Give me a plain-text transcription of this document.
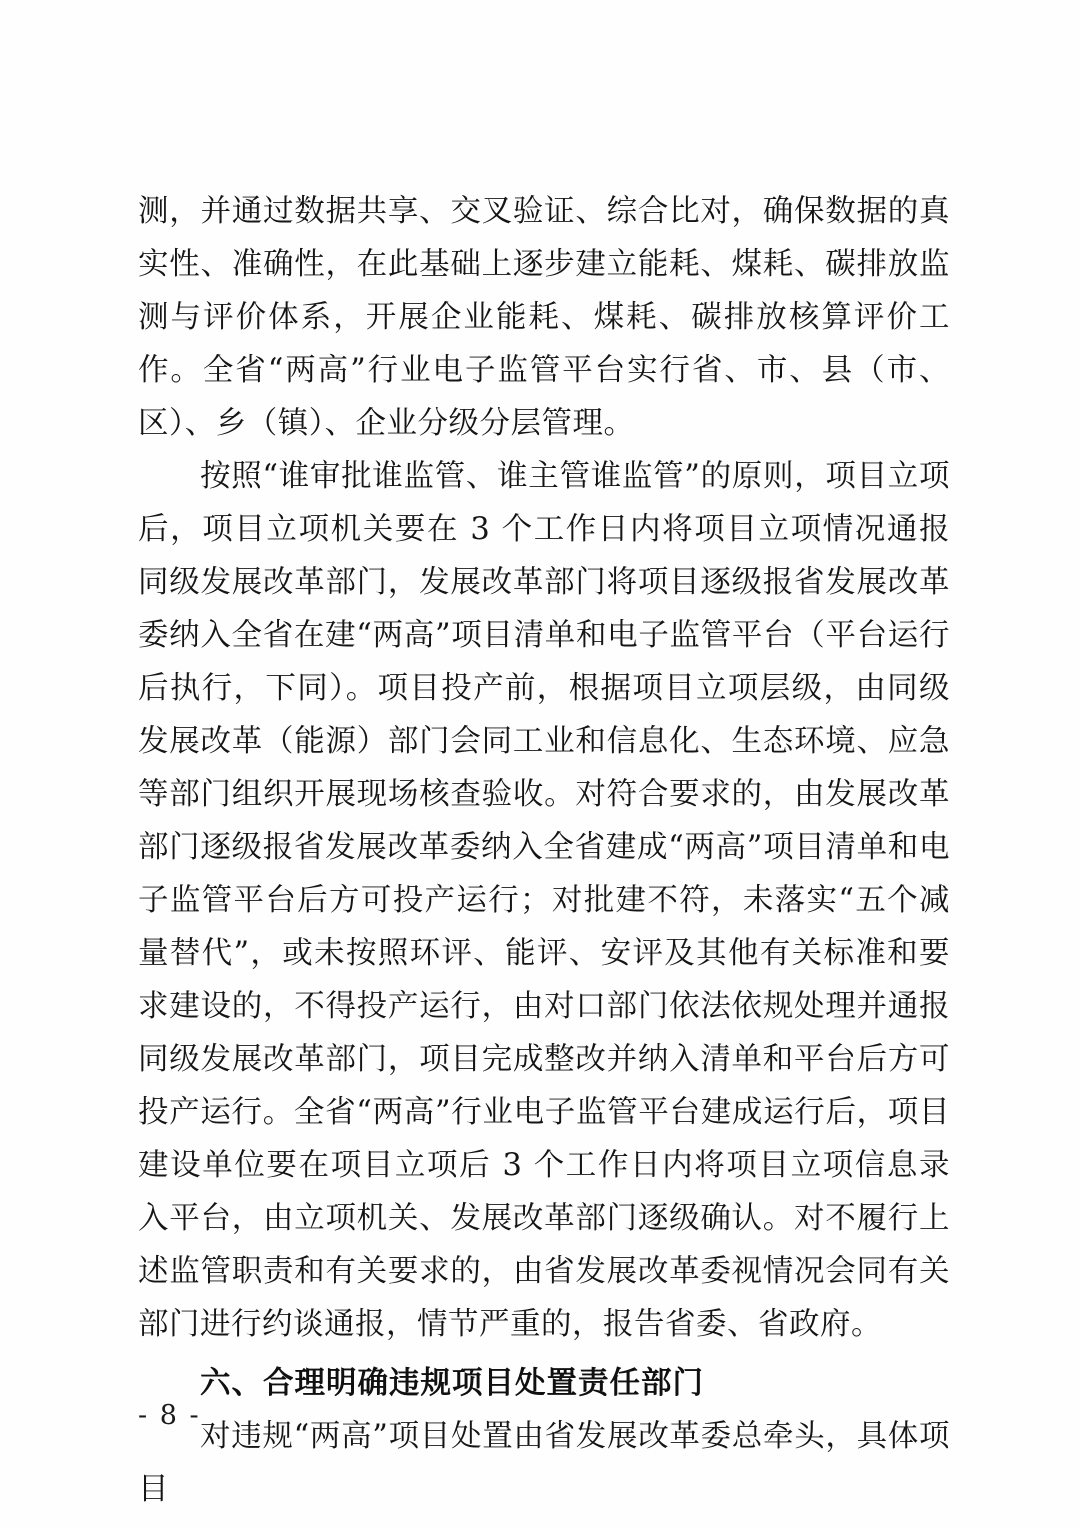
测，并通过数据共享、交叉验证、综合比对，确保数据的真实性、准确性，在此基础上逐步建立能耗、煤耗、碳排放监测与评价体系，开展企业能耗、煤耗、碳排放核算评价工作。全省“两高”行业电子监管平台实行省、市、县（市、区）、乡（镇）、企业分级分层管理。

按照“谁审批谁监管、谁主管谁监管”的原则，项目立项后，项目立项机关要在 3 个工作日内将项目立项情况通报同级发展改革部门，发展改革部门将项目逐级报省发展改革委纳入全省在建“两高”项目清单和电子监管平台（平台运行后执行，下同）。项目投产前，根据项目立项层级，由同级发展改革（能源）部门会同工业和信息化、生态环境、应急等部门组织开展现场核查验收。对符合要求的，由发展改革部门逐级报省发展改革委纳入全省建成“两高”项目清单和电子监管平台后方可投产运行；对批建不符，未落实“五个减量替代”，或未按照环评、能评、安评及其他有关标准和要求建设的，不得投产运行，由对口部门依法依规处理并通报同级发展改革部门，项目完成整改并纳入清单和平台后方可投产运行。全省“两高”行业电子监管平台建成运行后，项目建设单位要在项目立项后 3 个工作日内将项目立项信息录入平台，由立项机关、发展改革部门逐级确认。对不履行上述监管职责和有关要求的，由省发展改革委视情况会同有关部门进行约谈通报，情节严重的，报告省委、省政府。

六、合理明确违规项目处置责任部门

对违规“两高”项目处置由省发展改革委总牵头，具体项目

- 8 -
